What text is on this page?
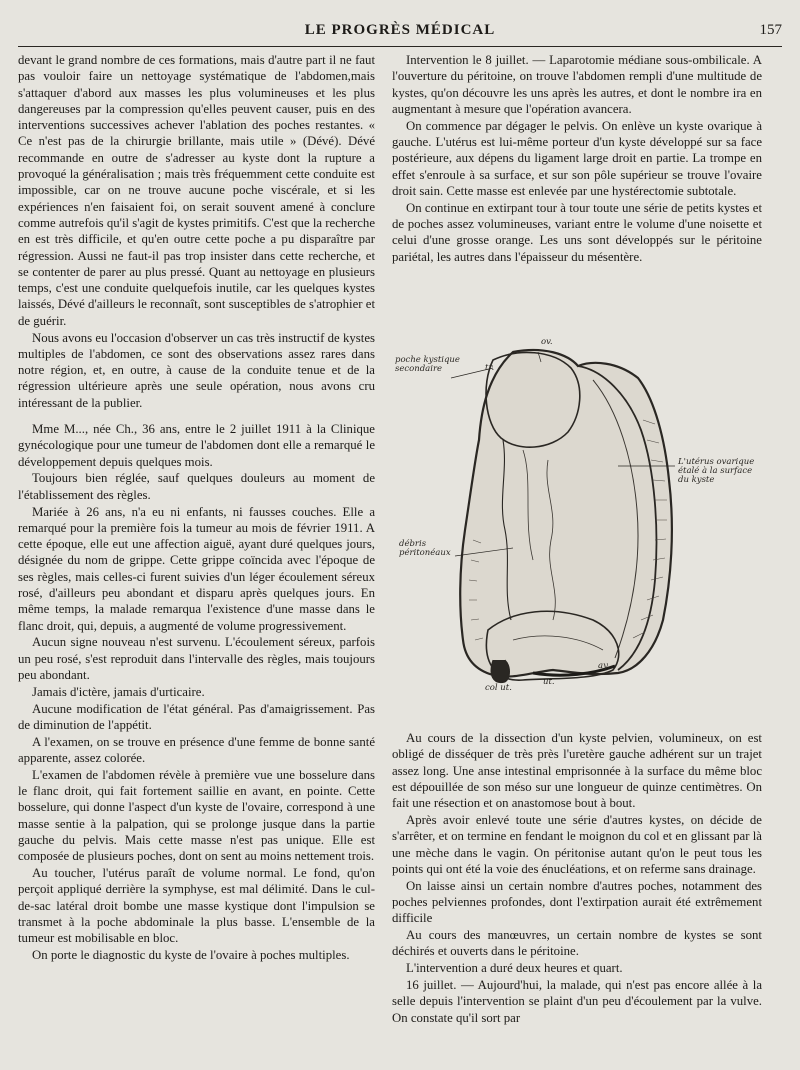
LE PROGRÈS MÉDICAL	157

devant le grand nombre de ces formations, mais d'autre part il ne faut pas vouloir faire un nettoyage systématique de l'abdomen,mais s'attaquer d'abord aux masses les plus volumineuses et les plus dangereuses par la compression qu'elles peuvent causer, puis en des interventions successives achever l'ablation des poches restantes. « Ce n'est pas de la chirurgie brillante, mais utile » (Dévé). Dévé recommande en outre de s'adresser au kyste dont la rupture a provoqué la généralisation ; mais très fréquemment cette conduite est impossible, car on ne trouve aucune poche viscérale, et si les expériences n'en faisaient foi, on serait souvent amené à conclure comme autrefois qu'il s'agit de kystes primitifs. C'est que la recherche en est très difficile, et qu'en outre cette poche a pu disparaître par régression. Aussi ne faut-il pas trop insister dans cette recherche, et se contenter de parer au plus pressé. Quant au nettoyage en plusieurs temps, c'est une conduite quelquefois inutile, car les quelques kystes laissés, Dévé d'ailleurs le reconnaît, sont susceptibles de s'atrophier et de guérir.

Nous avons eu l'occasion d'observer un cas très instructif de kystes multiples de l'abdomen, ce sont des observations assez rares dans notre région, et, en outre, à cause de la conduite tenue et de la régression ultérieure après une seule opération, nous avons cru intéressant de la publier.

Mme M..., née Ch., 36 ans, entre le 2 juillet 1911 à la Clinique gynécologique pour une tumeur de l'abdomen dont elle a remarqué le développement depuis quelques mois.

Toujours bien réglée, sauf quelques douleurs au moment de l'établissement des règles.

Mariée à 26 ans, n'a eu ni enfants, ni fausses couches. Elle a remarqué pour la première fois la tumeur au mois de février 1911. A cette époque, elle eut une affection aiguë, ayant duré quelques jours, désignée du nom de grippe. Cette grippe coïncida avec l'époque de ses règles, mais celles-ci furent suivies d'un léger écoulement séreux rosé, d'ailleurs peu abondant et disparu après quelques jours. En même temps, la malade remarqua l'existence d'une masse dans le flanc droit, qui, depuis, a augmenté de volume progressivement.

Aucun signe nouveau n'est survenu. L'écoulement séreux, parfois un peu rosé, s'est reproduit dans l'intervalle des règles, mais toujours peu abondant.

Jamais d'ictère, jamais d'urticaire.

Aucune modification de l'état général. Pas d'amaigrissement. Pas de diminution de l'appétit.

A l'examen, on se trouve en présence d'une femme de bonne santé apparente, assez colorée.

L'examen de l'abdomen révèle à première vue une bosselure dans le flanc droit, qui fait fortement saillie en avant, en pointe. Cette bosselure, qui donne l'aspect d'un kyste de l'ovaire, correspond à une masse sentie à la palpation, qui se prolonge jusque dans la partie gauche du pelvis. Mais cette masse n'est pas unique. Elle est composée de plusieurs poches, dont on sent au moins nettement trois.

Au toucher, l'utérus paraît de volume normal. Le fond, qu'on perçoit appliqué derrière la symphyse, est mal délimité. Dans le cul-de-sac latéral droit bombe une masse kystique dont l'impulsion se transmet à la poche abdominale la plus basse. L'ensemble de la tumeur est mobilisable en bloc.

On porte le diagnostic du kyste de l'ovaire à poches multiples.

Intervention le 8 juillet. — Laparotomie médiane sous-ombilicale. A l'ouverture du péritoine, on trouve l'abdomen rempli d'une multitude de kystes, qu'on découvre les uns après les autres, et dont le nombre ira en augmentant à mesure que l'opération avancera.

On commence par dégager le pelvis. On enlève un kyste ovarique à gauche. L'utérus est lui-même porteur d'un kyste développé sur sa face postérieure, aux dépens du ligament large droit en partie. La trompe en effet s'enroule à sa surface, et sur son pôle supérieur se trouve l'ovaire droit sain. Cette masse est enlevée par une hystérectomie subtotale.

On continue en extirpant tour à tour toute une série de petits kystes et de poches assez volumineuses, variant entre le volume d'une noisette et celui d'une grosse orange. Les uns sont développés sur le péritoine pariétal, les autres dans l'épaisseur du mésentère.

ov.
poche kystique secondaire	tr.
L'utérus ovarique étalé à la surface du kyste
débris péritonéaux
col ut.
ut.
ay.

Au cours de la dissection d'un kyste pelvien, volumineux, on est obligé de disséquer de très près l'uretère gauche adhérent sur un trajet assez long. Une anse intestinal emprisonnée à la surface du même bloc est dépouillée de son méso sur une longueur de quinze centimètres. On fait une résection et on anastomose bout à bout.

Après avoir enlevé toute une série d'autres kystes, on décide de s'arrêter, et on termine en fendant le moignon du col et en glissant par là une mèche dans le vagin. On péritonise autant qu'on le peut tous les points qui ont été la voie des énucléations, et on referme sans drainage.

On laisse ainsi un certain nombre d'autres poches, notamment des poches pelviennes profondes, dont l'extirpation aurait été extrêmement difficile

Au cours des manœuvres, un certain nombre de kystes se sont déchirés et ouverts dans le péritoine.

L'intervention a duré deux heures et quart.

16 juillet. — Aujourd'hui, la malade, qui n'est pas encore allée à la selle depuis l'intervention se plaint d'un peu d'écoulement par la vulve. On constate qu'il sort par
